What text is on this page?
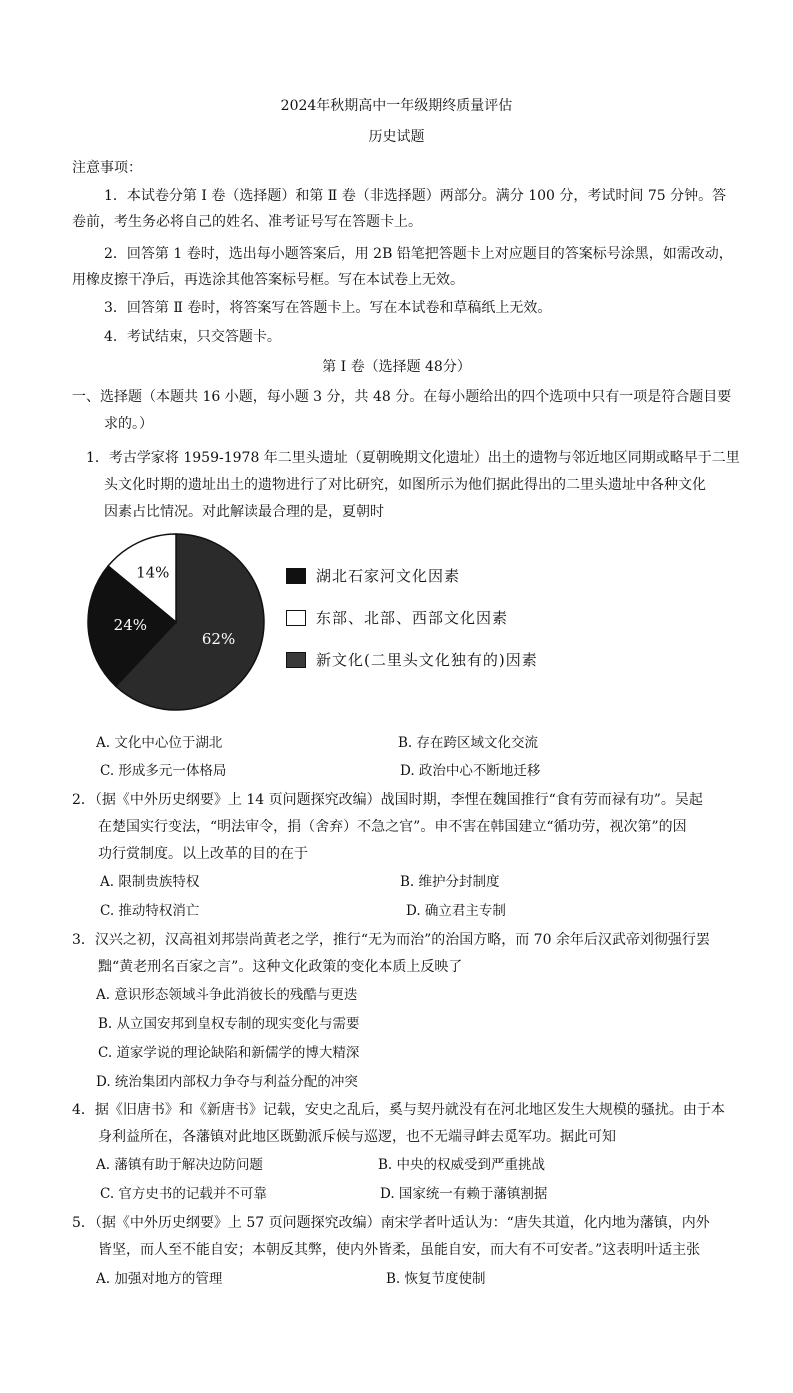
2024年秋期高中一年级期终质量评估
历史试题
注意事项：
1．本试卷分第 Ⅰ 卷（选择题）和第 Ⅱ 卷（非选择题）两部分。满分 100 分，考试时间 75 分钟。答
卷前，考生务必将自己的姓名、准考证号写在答题卡上。
2．回答第 1 卷时，选出每小题答案后，用 2B 铅笔把答题卡上对应题目的答案标号涂黑，如需改动，
用橡皮擦干净后，再选涂其他答案标号框。写在本试卷上无效。
3．回答第 Ⅱ 卷时，将答案写在答题卡上。写在本试卷和草稿纸上无效。
4．考试结束，只交答题卡。
第 Ⅰ 卷（选择题 48分）
一、选择题（本题共 16 小题，每小题 3 分，共 48 分。在每小题给出的四个选项中只有一项是符合题目要
求的。）
1．考古学家将 1959-1978 年二里头遗址（夏朝晚期文化遗址）出土的遗物与邻近地区同期或略早于二里
头文化时期的遗址出土的遗物进行了对比研究，如图所示为他们据此得出的二里头遗址中各种文化
因素占比情况。对此解读最合理的是，夏朝时
62%
24%
14%	湖北石家河文化因素
东部、北部、西部文化因素
新文化(二里头文化独有的)因素
A. 文化中心位于湖北	B. 存在跨区域文化交流
C. 形成多元一体格局	D. 政治中心不断地迁移
2．（据《中外历史纲要》上 14 页问题探究改编）战国时期，李悝在魏国推行“食有劳而禄有功”。吴起
在楚国实行变法，“明法审令，捐（舍弃）不急之官”。申不害在韩国建立“循功劳，视次第”的因
功行赏制度。以上改革的目的在于
A. 限制贵族特权	B. 维护分封制度
C. 推动特权消亡	D. 确立君主专制
3．汉兴之初，汉高祖刘邦崇尚黄老之学，推行“无为而治”的治国方略，而 70 余年后汉武帝刘彻强行罢
黜“黄老刑名百家之言”。这种文化政策的变化本质上反映了
A. 意识形态领域斗争此消彼长的残酷与更迭
B. 从立国安邦到皇权专制的现实变化与需要
C. 道家学说的理论缺陷和新儒学的博大精深
D. 统治集团内部权力争夺与利益分配的冲突
4．据《旧唐书》和《新唐书》记载，安史之乱后，奚与契丹就没有在河北地区发生大规模的骚扰。由于本
身利益所在，各藩镇对此地区既勤派斥候与巡逻，也不无端寻衅去觅军功。据此可知
A. 藩镇有助于解决边防问题	B. 中央的权威受到严重挑战
C. 官方史书的记载并不可靠	D. 国家统一有赖于藩镇割据
5．（据《中外历史纲要》上 57 页问题探究改编）南宋学者叶适认为：“唐失其道，化内地为藩镇，内外
皆坚，而人至不能自安；本朝反其弊，使内外皆柔，虽能自安，而大有不可安者。”这表明叶适主张
A. 加强对地方的管理	B. 恢复节度使制
